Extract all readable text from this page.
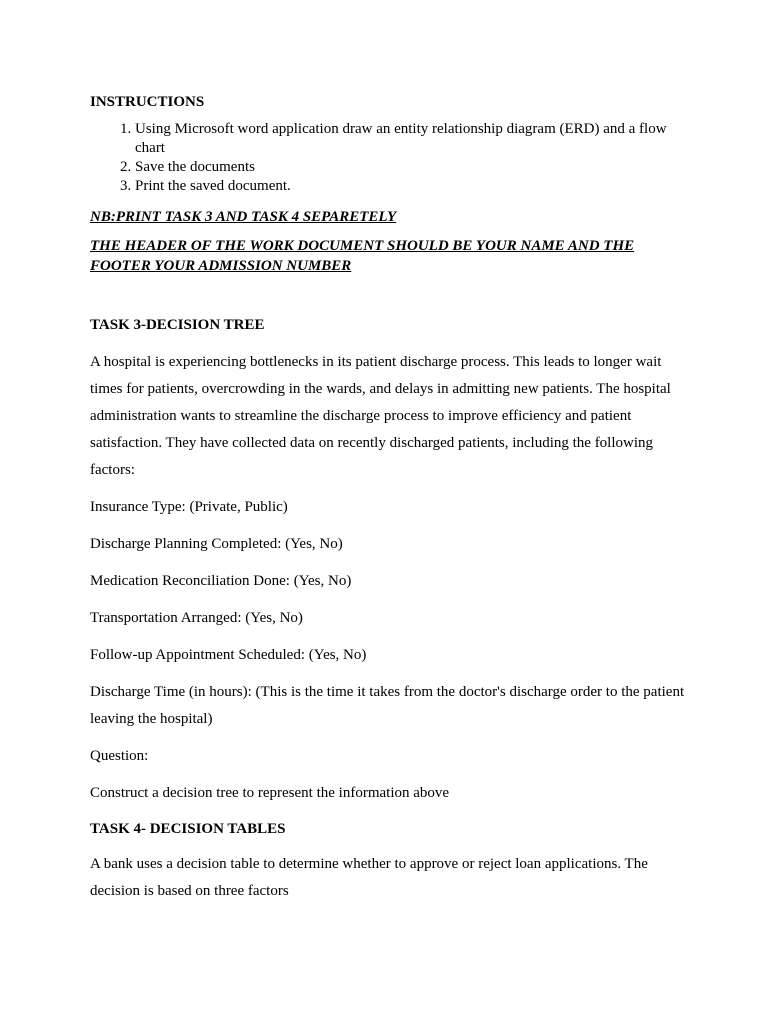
INSTRUCTIONS

1. Using Microsoft word application draw an entity relationship diagram (ERD) and a flow chart
2. Save the documents
3. Print the saved document.

NB:PRINT TASK 3 AND TASK 4 SEPARETELY

THE HEADER OF THE WORK DOCUMENT SHOULD BE YOUR NAME AND THE FOOTER YOUR ADMISSION NUMBER

TASK 3-DECISION TREE

A hospital is experiencing bottlenecks in its patient discharge process. This leads to longer wait times for patients, overcrowding in the wards, and delays in admitting new patients. The hospital administration wants to streamline the discharge process to improve efficiency and patient satisfaction. They have collected data on recently discharged patients, including the following factors:

Insurance Type: (Private, Public)

Discharge Planning Completed: (Yes, No)

Medication Reconciliation Done: (Yes, No)

Transportation Arranged: (Yes, No)

Follow-up Appointment Scheduled: (Yes, No)

Discharge Time (in hours): (This is the time it takes from the doctor's discharge order to the patient leaving the hospital)

Question:

Construct a decision tree to represent the information above

TASK 4- DECISION TABLES

A bank uses a decision table to determine whether to approve or reject loan applications. The decision is based on three factors
